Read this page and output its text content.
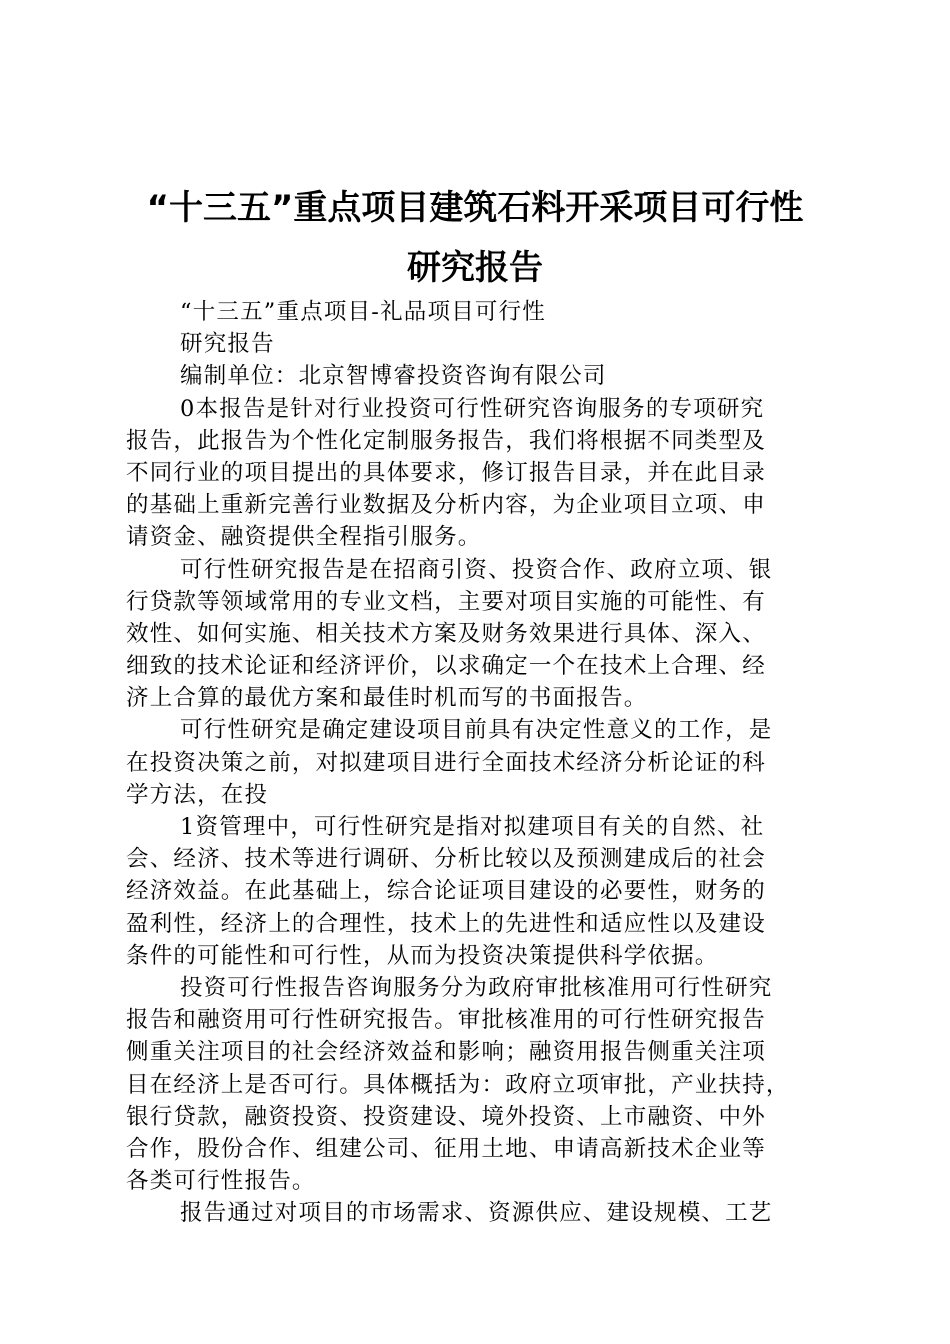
“十三五”重点项目建筑石料开采项目可行性
研究报告
“十三五”重点项目-礼品项目可行性
研究报告
编制单位：北京智博睿投资咨询有限公司
0本报告是针对行业投资可行性研究咨询服务的专项研究
报告，此报告为个性化定制服务报告，我们将根据不同类型及
不同行业的项目提出的具体要求，修订报告目录，并在此目录
的基础上重新完善行业数据及分析内容，为企业项目立项、申
请资金、融资提供全程指引服务。
可行性研究报告是在招商引资、投资合作、政府立项、银
行贷款等领域常用的专业文档，主要对项目实施的可能性、有
效性、如何实施、相关技术方案及财务效果进行具体、深入、
细致的技术论证和经济评价，以求确定一个在技术上合理、经
济上合算的最优方案和最佳时机而写的书面报告。
可行性研究是确定建设项目前具有决定性意义的工作，是
在投资决策之前，对拟建项目进行全面技术经济分析论证的科
学方法，在投
1资管理中，可行性研究是指对拟建项目有关的自然、社
会、经济、技术等进行调研、分析比较以及预测建成后的社会
经济效益。在此基础上，综合论证项目建设的必要性，财务的
盈利性，经济上的合理性，技术上的先进性和适应性以及建设
条件的可能性和可行性，从而为投资决策提供科学依据。
投资可行性报告咨询服务分为政府审批核准用可行性研究
报告和融资用可行性研究报告。审批核准用的可行性研究报告
侧重关注项目的社会经济效益和影响；融资用报告侧重关注项
目在经济上是否可行。具体概括为：政府立项审批，产业扶持，
银行贷款，融资投资、投资建设、境外投资、上市融资、中外
合作，股份合作、组建公司、征用土地、申请高新技术企业等
各类可行性报告。
报告通过对项目的市场需求、资源供应、建设规模、工艺
